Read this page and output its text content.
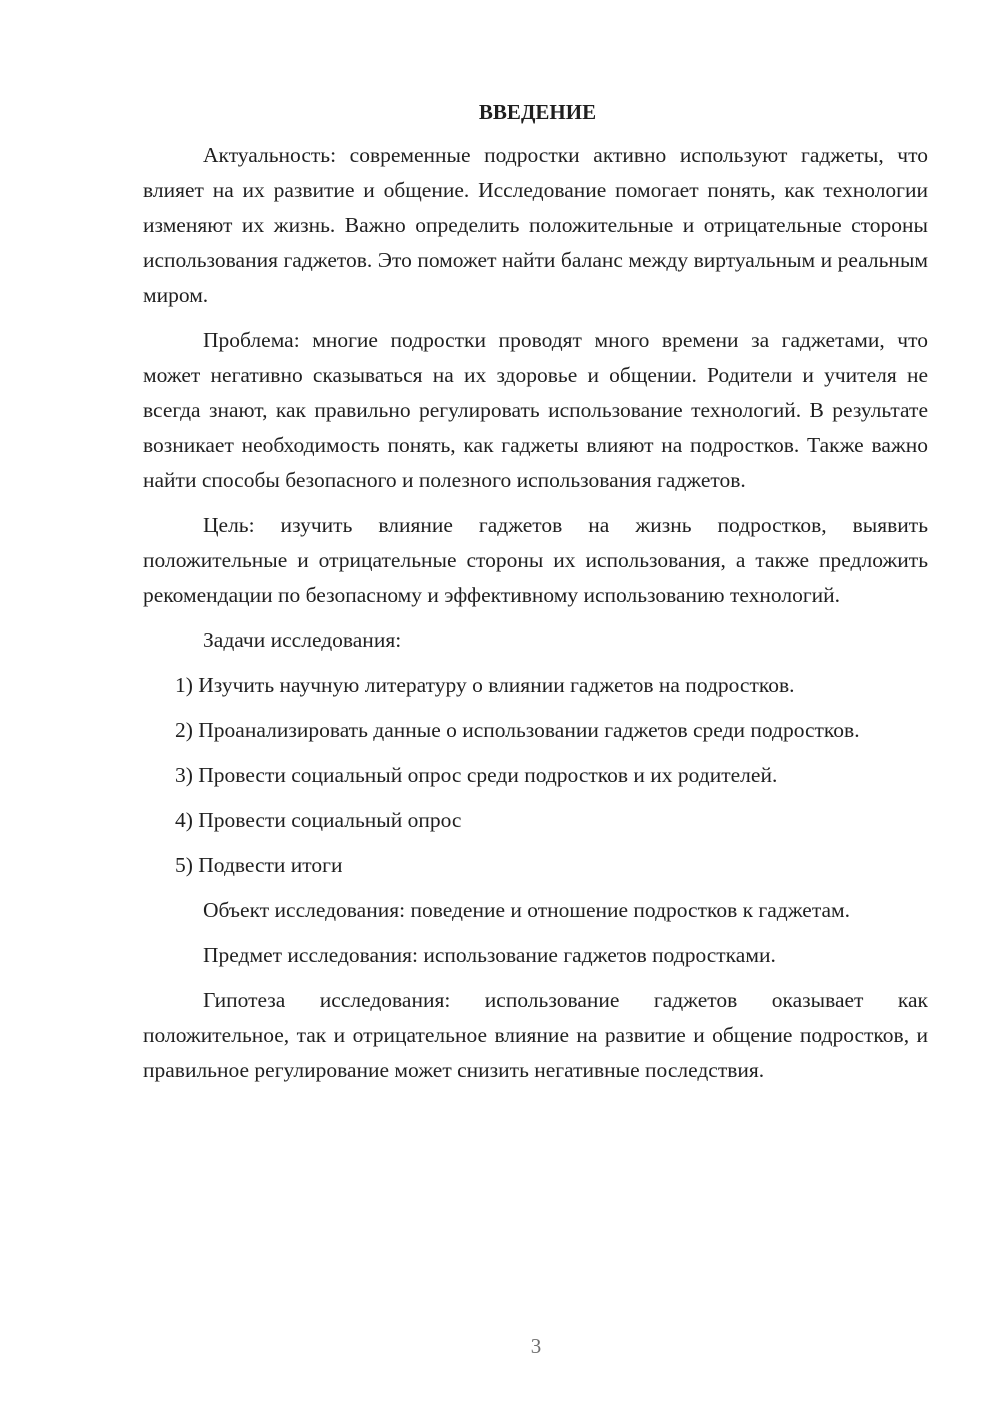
ВВЕДЕНИЕ

Актуальность: современные подростки активно используют гаджеты, что влияет на их развитие и общение. Исследование помогает понять, как технологии изменяют их жизнь. Важно определить положительные и отрицательные стороны использования гаджетов. Это поможет найти баланс между виртуальным и реальным миром.

Проблема: многие подростки проводят много времени за гаджетами, что может негативно сказываться на их здоровье и общении. Родители и учителя не всегда знают, как правильно регулировать использование технологий. В результате возникает необходимость понять, как гаджеты влияют на подростков. Также важно найти способы безопасного и полезного использования гаджетов.

Цель: изучить влияние гаджетов на жизнь подростков, выявить положительные и отрицательные стороны их использования, а также предложить рекомендации по безопасному и эффективному использованию технологий.

Задачи исследования:

1) Изучить научную литературу о влиянии гаджетов на подростков.

2) Проанализировать данные о использовании гаджетов среди подростков.

3) Провести социальный опрос среди подростков и их родителей.

4) Провести социальный опрос

5) Подвести итоги

Объект исследования: поведение и отношение подростков к гаджетам.

Предмет исследования: использование гаджетов подростками.

Гипотеза исследования: использование гаджетов оказывает как положительное, так и отрицательное влияние на развитие и общение подростков, и правильное регулирование может снизить негативные последствия.

3
